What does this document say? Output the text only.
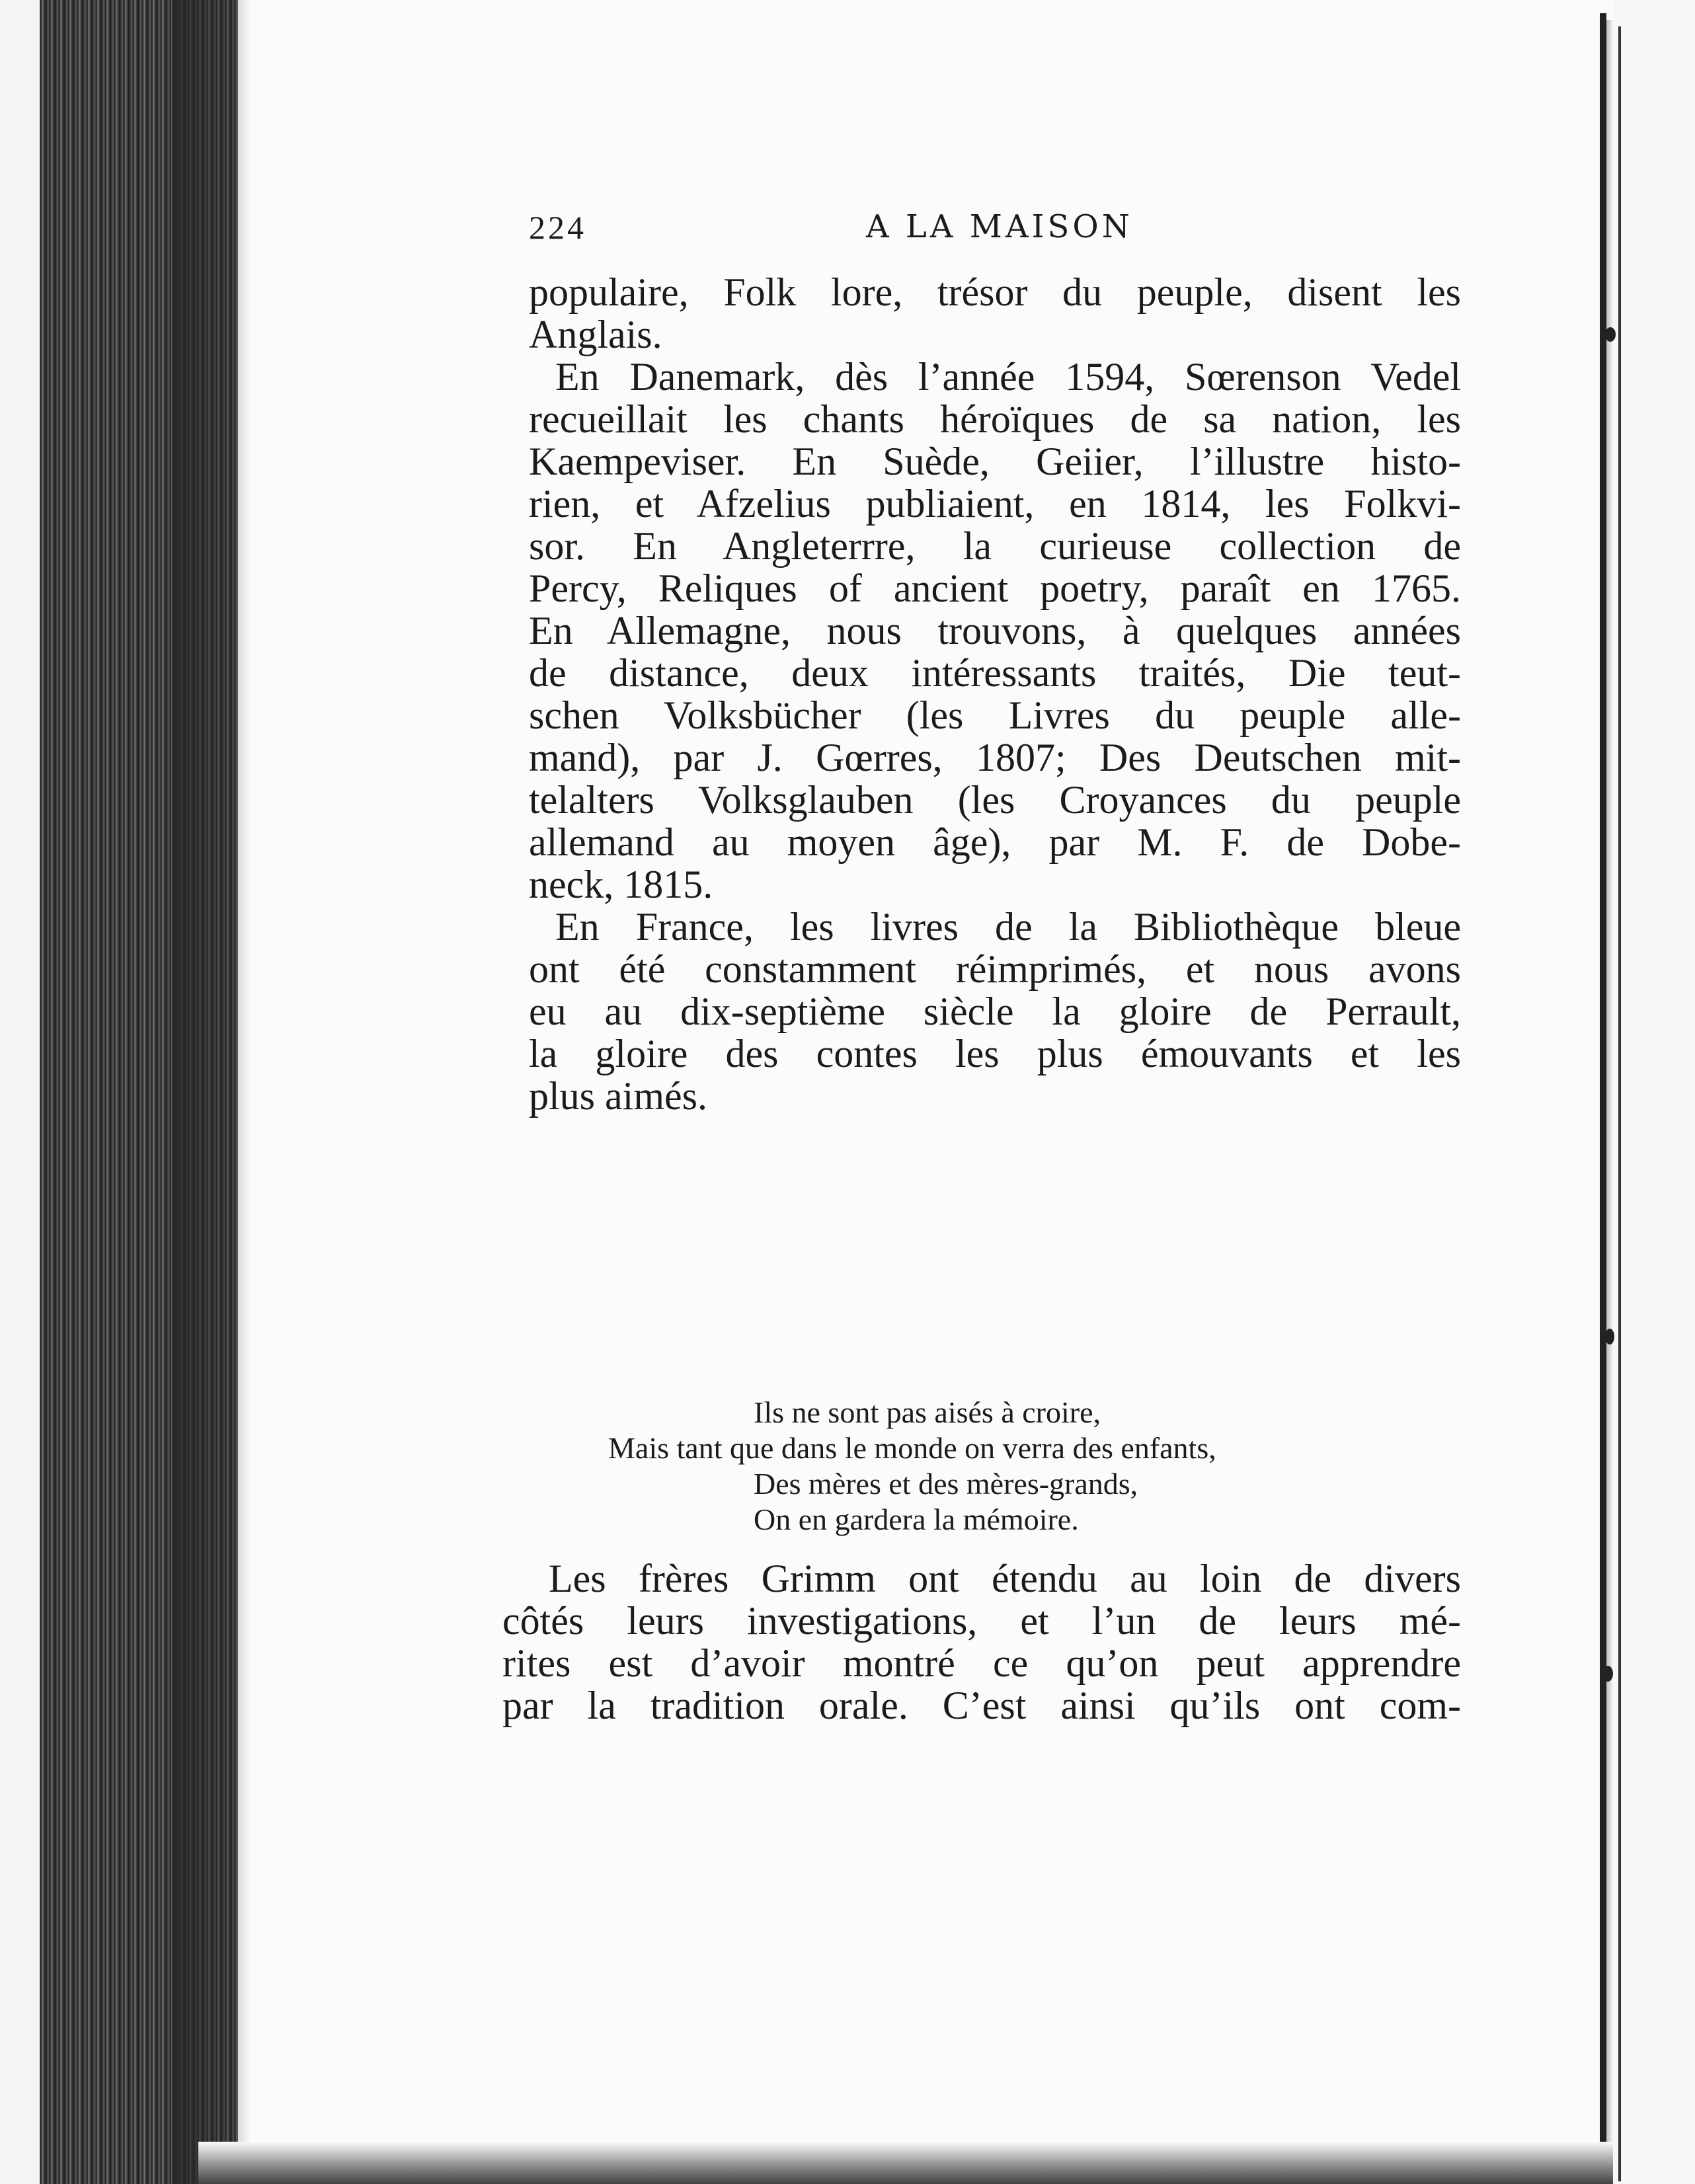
224	A LA MAISON
populaire, Folk lore, trésor du peuple, disent les
Anglais.
En Danemark, dès l’année 1594, Sœrenson Vedel
recueillait les chants héroïques de sa nation, les
Kaempeviser. En Suède, Geiier, l’illustre histo-
rien, et Afzelius publiaient, en 1814, les Folkvi-
sor. En Angleterrre, la curieuse collection de
Percy, Reliques of ancient poetry, paraît en 1765.
En Allemagne, nous trouvons, à quelques années
de distance, deux intéressants traités, Die teut-
schen Volksbücher (les Livres du peuple alle-
mand), par J. Gœrres, 1807; Des Deutschen mit-
telalters Volksglauben (les Croyances du peuple
allemand au moyen âge), par M. F. de Dobe-
neck, 1815.
En France, les livres de la Bibliothèque bleue
ont été constamment réimprimés, et nous avons
eu au dix-septième siècle la gloire de Perrault,
la gloire des contes les plus émouvants et les
plus aimés.
Ils ne sont pas aisés à croire,
Mais tant que dans le monde on verra des enfants,
Des mères et des mères-grands,
On en gardera la mémoire.
Les frères Grimm ont étendu au loin de divers
côtés leurs investigations, et l’un de leurs mé-
rites est d’avoir montré ce qu’on peut apprendre
par la tradition orale. C’est ainsi qu’ils ont com-
